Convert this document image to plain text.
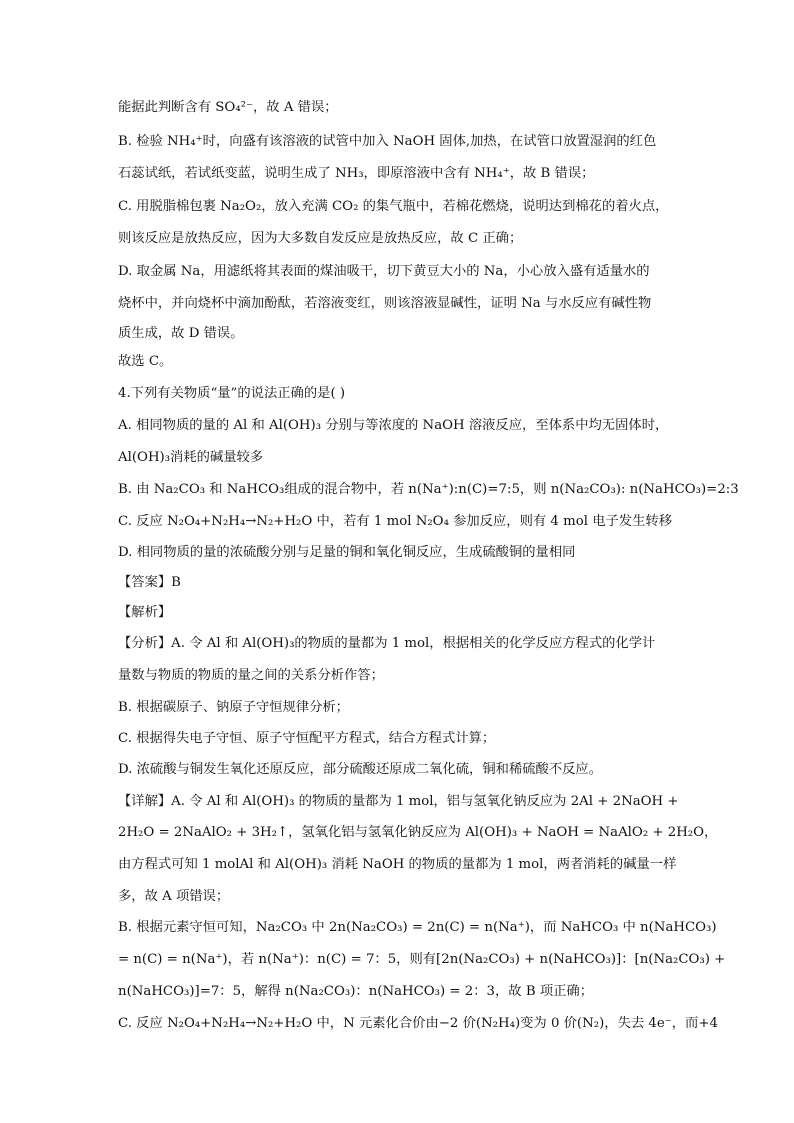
能据此判断含有 SO₄²⁻，故 A 错误；
B. 检验 NH₄⁺时，向盛有该溶液的试管中加入 NaOH 固体,加热，在试管口放置湿润的红色
石蕊试纸，若试纸变蓝，说明生成了 NH₃，即原溶液中含有 NH₄⁺，故 B 错误；
C. 用脱脂棉包裹 Na₂O₂，放入充满 CO₂ 的集气瓶中，若棉花燃烧，说明达到棉花的着火点，
则该反应是放热反应，因为大多数自发反应是放热反应，故 C 正确；
D. 取金属 Na，用滤纸将其表面的煤油吸干，切下黄豆大小的 Na，小心放入盛有适量水的
烧杯中，并向烧杯中滴加酚酞，若溶液变红，则该溶液显碱性，证明 Na 与水反应有碱性物
质生成，故 D 错误。
故选 C。
4.下列有关物质“量”的说法正确的是( )
A. 相同物质的量的 Al 和 Al(OH)₃ 分别与等浓度的 NaOH 溶液反应，至体系中均无固体时，
Al(OH)₃消耗的碱量较多
B. 由 Na₂CO₃ 和 NaHCO₃组成的混合物中，若 n(Na⁺):n(C)=7:5，则 n(Na₂CO₃): n(NaHCO₃)=2:3
C. 反应 N₂O₄+N₂H₄→N₂+H₂O 中，若有 1 mol N₂O₄ 参加反应，则有 4 mol 电子发生转移
D. 相同物质的量的浓硫酸分别与足量的铜和氧化铜反应，生成硫酸铜的量相同
【答案】B
【解析】
【分析】A. 令 Al 和 Al(OH)₃的物质的量都为 1 mol，根据相关的化学反应方程式的化学计
量数与物质的物质的量之间的关系分析作答；
B. 根据碳原子、钠原子守恒规律分析；
C. 根据得失电子守恒、原子守恒配平方程式，结合方程式计算；
D. 浓硫酸与铜发生氧化还原反应，部分硫酸还原成二氧化硫，铜和稀硫酸不反应。
【详解】A. 令 Al 和 Al(OH)₃ 的物质的量都为 1 mol，铝与氢氧化钠反应为 2Al + 2NaOH +
2H₂O = 2NaAlO₂ + 3H₂↑，氢氧化铝与氢氧化钠反应为 Al(OH)₃ + NaOH = NaAlO₂ + 2H₂O，
由方程式可知 1 molAl 和 Al(OH)₃ 消耗 NaOH 的物质的量都为 1 mol，两者消耗的碱量一样
多，故 A 项错误；
B. 根据元素守恒可知，Na₂CO₃ 中 2n(Na₂CO₃) = 2n(C) = n(Na⁺)，而 NaHCO₃ 中 n(NaHCO₃)
= n(C) = n(Na⁺)，若 n(Na⁺)：n(C) = 7：5，则有[2n(Na₂CO₃) + n(NaHCO₃)]：[n(Na₂CO₃) +
n(NaHCO₃)]=7：5，解得 n(Na₂CO₃)：n(NaHCO₃) = 2：3，故 B 项正确；
C. 反应 N₂O₄+N₂H₄→N₂+H₂O 中，N 元素化合价由−2 价(N₂H₄)变为 0 价(N₂)，失去 4e⁻，而+4
